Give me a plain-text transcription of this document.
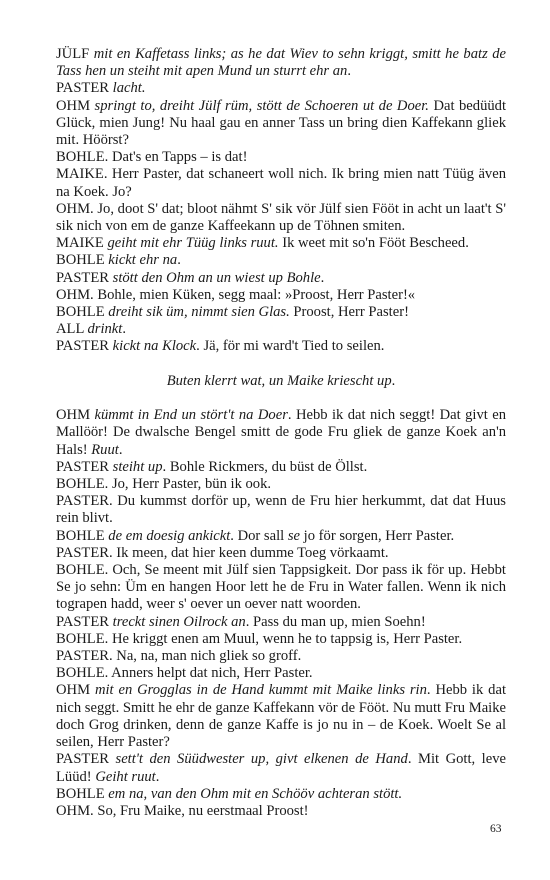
JÜLF mit en Kaffetass links; as he dat Wiev to sehn kriggt, smitt he batz de Tass hen un steiht mit apen Mund un sturrt ehr an.

PASTER lacht.

OHM springt to, dreiht Jülf rüm, stött de Schoeren ut de Doer. Dat bedüüdt Glück, mien Jung! Nu haal gau en anner Tass un bring dien Kaffekann gliek mit. Höörst?

BOHLE. Dat's en Tapps – is dat!

MAIKE. Herr Paster, dat schaneert woll nich. Ik bring mien natt Tüüg även na Koek. Jo?

OHM. Jo, doot S' dat; bloot nähmt S' sik vör Jülf sien Fööt in acht un laat't S' sik nich von em de ganze Kaffeekann up de Töhnen smiten.

MAIKE geiht mit ehr Tüüg links ruut. Ik weet mit so'n Fööt Bescheed.

BOHLE kickt ehr na.

PASTER stött den Ohm an un wiest up Bohle.

OHM. Bohle, mien Küken, segg maal: »Proost, Herr Paster!«

BOHLE dreiht sik üm, nimmt sien Glas. Proost, Herr Paster!

ALL drinkt.

PASTER kickt na Klock. Jä, för mi ward't Tied to seilen.

Buten klerrt wat, un Maike kriescht up.

OHM kümmt in End un stört't na Doer. Hebb ik dat nich seggt! Dat givt en Mallöör! De dwalsche Bengel smitt de gode Fru gliek de ganze Koek an'n Hals! Ruut.

PASTER steiht up. Bohle Rickmers, du büst de Öllst.

BOHLE. Jo, Herr Paster, bün ik ook.

PASTER. Du kummst dorför up, wenn de Fru hier herkummt, dat dat Huus rein blivt.

BOHLE de em doesig ankickt. Dor sall se jo för sorgen, Herr Paster.

PASTER. Ik meen, dat hier keen dumme Toeg vörkaamt.

BOHLE. Och, Se meent mit Jülf sien Tappsigkeit. Dor pass ik för up. Hebbt Se jo sehn: Üm en hangen Hoor lett he de Fru in Water fallen. Wenn ik nich tograpen hadd, weer s' oever un oever natt woorden.

PASTER treckt sinen Oilrock an. Pass du man up, mien Soehn!

BOHLE. He kriggt enen am Muul, wenn he to tappsig is, Herr Paster.

PASTER. Na, na, man nich gliek so groff.

BOHLE. Anners helpt dat nich, Herr Paster.

OHM mit en Grogglas in de Hand kummt mit Maike links rin. Hebb ik dat nich seggt. Smitt he ehr de ganze Kaffekann vör de Fööt. Nu mutt Fru Maike doch Grog drinken, denn de ganze Kaffe is jo nu in – de Koek. Woelt Se al seilen, Herr Paster?

PASTER sett't den Süüdwester up, givt elkenen de Hand. Mit Gott, leve Lüüd! Geiht ruut.

BOHLE em na, van den Ohm mit en Schööv achteran stött.

OHM. So, Fru Maike, nu eerstmaal Proost!

63
